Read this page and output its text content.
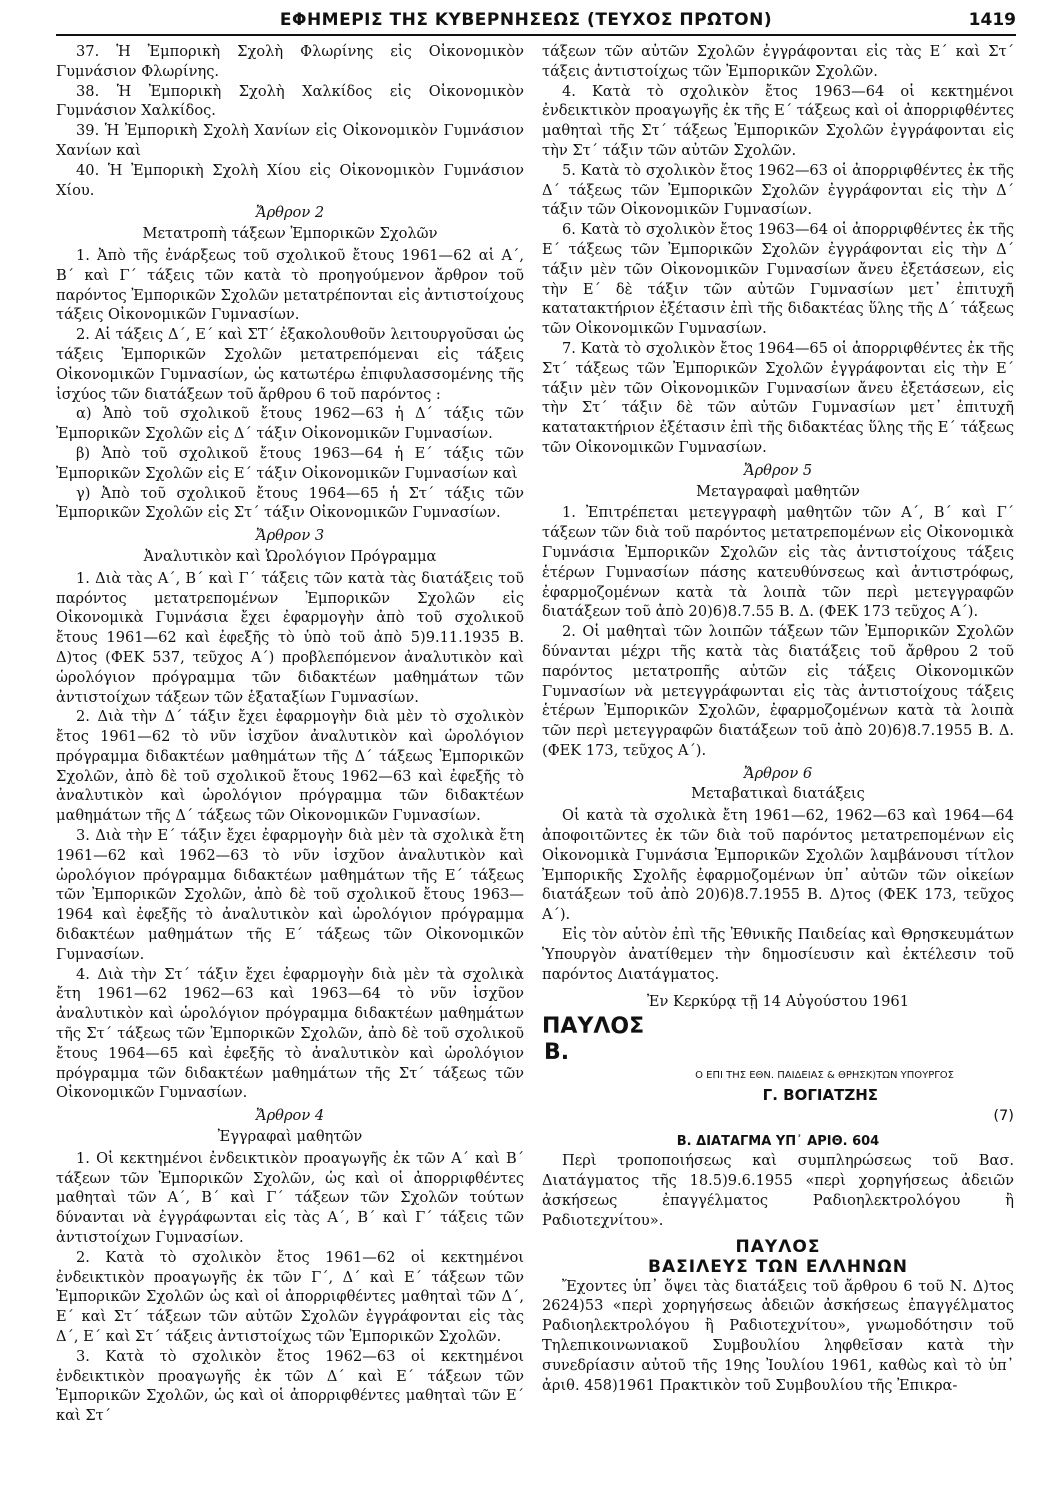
ΕΦΗΜΕΡΙΣ ΤΗΣ ΚΥΒΕΡΝΗΣΕΩΣ (ΤΕΥΧΟΣ ΠΡΩΤΟΝ)	1419

37. Ἡ Ἐμπορικὴ Σχολὴ Φλωρίνης εἰς Οἰκονομικὸν Γυμνάσιον Φλωρίνης.

38. Ἡ Ἐμπορικὴ Σχολὴ Χαλκίδος εἰς Οἰκονομικὸν Γυμνάσιον Χαλκίδος.

39. Ἡ Ἐμπορικὴ Σχολὴ Χανίων εἰς Οἰκονομικὸν Γυμνάσιον Χανίων καὶ

40. Ἡ Ἐμπορικὴ Σχολὴ Χίου εἰς Οἰκονομικὸν Γυμνάσιον Χίου.

Ἄρθρον 2

Μετατροπὴ τάξεων Ἐμπορικῶν Σχολῶν

1. Ἀπὸ τῆς ἐνάρξεως τοῦ σχολικοῦ ἔτους 1961—62 αἱ Α΄, Β΄ καὶ Γ΄ τάξεις τῶν κατὰ τὸ προηγούμενον ἄρθρον τοῦ παρόντος Ἐμπορικῶν Σχολῶν μετατρέπονται εἰς ἀντιστοίχους τάξεις Οἰκονομικῶν Γυμνασίων.

2. Αἱ τάξεις Δ΄, Ε΄ καὶ ΣΤ΄ ἐξακολουθοῦν λειτουργοῦσαι ὡς τάξεις Ἐμπορικῶν Σχολῶν μετατρεπόμεναι εἰς τάξεις Οἰκονομικῶν Γυμνασίων, ὡς κατωτέρω ἐπιφυλασσομένης τῆς ἰσχύος τῶν διατάξεων τοῦ ἄρθρου 6 τοῦ παρόντος :

α) Ἀπὸ τοῦ σχολικοῦ ἔτους 1962—63 ἡ Δ΄ τάξις τῶν Ἐμπορικῶν Σχολῶν εἰς Δ΄ τάξιν Οἰκονομικῶν Γυμνασίων.

β) Ἀπὸ τοῦ σχολικοῦ ἔτους 1963—64 ἡ Ε΄ τάξις τῶν Ἐμπορικῶν Σχολῶν εἰς Ε΄ τάξιν Οἰκονομικῶν Γυμνασίων καὶ

γ) Ἀπὸ τοῦ σχολικοῦ ἔτους 1964—65 ἡ Στ΄ τάξις τῶν Ἐμπορικῶν Σχολῶν εἰς Στ΄ τάξιν Οἰκονομικῶν Γυμνασίων.

Ἄρθρον 3

Ἀναλυτικὸν καὶ Ὡρολόγιον Πρόγραμμα

1. Διὰ τὰς Α΄, Β΄ καὶ Γ΄ τάξεις τῶν κατὰ τὰς διατάξεις τοῦ παρόντος μετατρεπομένων Ἐμπορικῶν Σχολῶν εἰς Οἰκονομικὰ Γυμνάσια ἔχει ἐφαρμογὴν ἀπὸ τοῦ σχολικοῦ ἔτους 1961—62 καὶ ἐφεξῆς τὸ ὑπὸ τοῦ ἀπὸ 5)9.11.1935 Β. Δ)τος (ΦΕΚ 537, τεῦχος Α΄) προβλεπόμενον ἀναλυτικὸν καὶ ὡρολόγιον πρόγραμμα τῶν διδακτέων μαθημάτων τῶν ἀντιστοίχων τάξεων τῶν ἑξαταξίων Γυμνασίων.

2. Διὰ τὴν Δ΄ τάξιν ἔχει ἐφαρμογὴν διὰ μὲν τὸ σχολικὸν ἔτος 1961—62 τὸ νῦν ἰσχῦον ἀναλυτικὸν καὶ ὡρολόγιον πρόγραμμα διδακτέων μαθημάτων τῆς Δ΄ τάξεως Ἐμπορικῶν Σχολῶν, ἀπὸ δὲ τοῦ σχολικοῦ ἔτους 1962—63 καὶ ἐφεξῆς τὸ ἀναλυτικὸν καὶ ὡρολόγιον πρόγραμμα τῶν διδακτέων μαθημάτων τῆς Δ΄ τάξεως τῶν Οἰκονομικῶν Γυμνασίων.

3. Διὰ τὴν Ε΄ τάξιν ἔχει ἐφαρμογὴν διὰ μὲν τὰ σχολικὰ ἔτη 1961—62 καὶ 1962—63 τὸ νῦν ἰσχῦον ἀναλυτικὸν καὶ ὡρολόγιον πρόγραμμα διδακτέων μαθημάτων τῆς Ε΄ τάξεως τῶν Ἐμπορικῶν Σχολῶν, ἀπὸ δὲ τοῦ σχολικοῦ ἔτους 1963—1964 καὶ ἐφεξῆς τὸ ἀναλυτικὸν καὶ ὡρολόγιον πρόγραμμα διδακτέων μαθημάτων τῆς Ε΄ τάξεως τῶν Οἰκονομικῶν Γυμνασίων.

4. Διὰ τὴν Στ΄ τάξιν ἔχει ἐφαρμογὴν διὰ μὲν τὰ σχολικὰ ἔτη 1961—62 1962—63 καὶ 1963—64 τὸ νῦν ἰσχῦον ἀναλυτικὸν καὶ ὡρολόγιον πρόγραμμα διδακτέων μαθημάτων τῆς Στ΄ τάξεως τῶν Ἐμπορικῶν Σχολῶν, ἀπὸ δὲ τοῦ σχολικοῦ ἔτους 1964—65 καὶ ἐφεξῆς τὸ ἀναλυτικὸν καὶ ὡρολόγιον πρόγραμμα τῶν διδακτέων μαθημάτων τῆς Στ΄ τάξεως τῶν Οἰκονομικῶν Γυμνασίων.

Ἄρθρον 4

Ἐγγραφαὶ μαθητῶν

1. Οἱ κεκτημένοι ἐνδεικτικὸν προαγωγῆς ἐκ τῶν Α΄ καὶ Β΄ τάξεων τῶν Ἐμπορικῶν Σχολῶν, ὡς καὶ οἱ ἀπορριφθέντες μαθηταὶ τῶν Α΄, Β΄ καὶ Γ΄ τάξεων τῶν Σχολῶν τούτων δύνανται νὰ ἐγγράφωνται εἰς τὰς Α΄, Β΄ καὶ Γ΄ τάξεις τῶν ἀντιστοίχων Γυμνασίων.

2. Κατὰ τὸ σχολικὸν ἔτος 1961—62 οἱ κεκτημένοι ἐνδεικτικὸν προαγωγῆς ἐκ τῶν Γ΄, Δ΄ καὶ Ε΄ τάξεων τῶν Ἐμπορικῶν Σχολῶν ὡς καὶ οἱ ἀπορριφθέντες μαθηταὶ τῶν Δ΄, Ε΄ καὶ Στ΄ τάξεων τῶν αὐτῶν Σχολῶν ἐγγράφονται εἰς τὰς Δ΄, Ε΄ καὶ Στ΄ τάξεις ἀντιστοίχως τῶν Ἐμπορικῶν Σχολῶν.

3. Κατὰ τὸ σχολικὸν ἔτος 1962—63 οἱ κεκτημένοι ἐνδεικτικὸν προαγωγῆς ἐκ τῶν Δ΄ καὶ Ε΄ τάξεων τῶν Ἐμπορικῶν Σχολῶν, ὡς καὶ οἱ ἀπορριφθέντες μαθηταὶ τῶν Ε΄ καὶ Στ΄

τάξεων τῶν αὐτῶν Σχολῶν ἐγγράφονται εἰς τὰς Ε΄ καὶ Στ΄ τάξεις ἀντιστοίχως τῶν Ἐμπορικῶν Σχολῶν.

4. Κατὰ τὸ σχολικὸν ἔτος 1963—64 οἱ κεκτημένοι ἐνδεικτικὸν προαγωγῆς ἐκ τῆς Ε΄ τάξεως καὶ οἱ ἀπορριφθέντες μαθηταὶ τῆς Στ΄ τάξεως Ἐμπορικῶν Σχολῶν ἐγγράφονται εἰς τὴν Στ΄ τάξιν τῶν αὐτῶν Σχολῶν.

5. Κατὰ τὸ σχολικὸν ἔτος 1962—63 οἱ ἀπορριφθέντες ἐκ τῆς Δ΄ τάξεως τῶν Ἐμπορικῶν Σχολῶν ἐγγράφονται εἰς τὴν Δ΄ τάξιν τῶν Οἰκονομικῶν Γυμνασίων.

6. Κατὰ τὸ σχολικὸν ἔτος 1963—64 οἱ ἀπορριφθέντες ἐκ τῆς Ε΄ τάξεως τῶν Ἐμπορικῶν Σχολῶν ἐγγράφονται εἰς τὴν Δ΄ τάξιν μὲν τῶν Οἰκονομικῶν Γυμνασίων ἄνευ ἐξετάσεων, εἰς τὴν Ε΄ δὲ τάξιν τῶν αὐτῶν Γυμνασίων μετ᾽ ἐπιτυχῆ κατατακτήριον ἐξέτασιν ἐπὶ τῆς διδακτέας ὕλης τῆς Δ΄ τάξεως τῶν Οἰκονομικῶν Γυμνασίων.

7. Κατὰ τὸ σχολικὸν ἔτος 1964—65 οἱ ἀπορριφθέντες ἐκ τῆς Στ΄ τάξεως τῶν Ἐμπορικῶν Σχολῶν ἐγγράφονται εἰς τὴν Ε΄ τάξιν μὲν τῶν Οἰκονομικῶν Γυμνασίων ἄνευ ἐξετάσεων, εἰς τὴν Στ΄ τάξιν δὲ τῶν αὐτῶν Γυμνασίων μετ᾽ ἐπιτυχῆ κατατακτήριον ἐξέτασιν ἐπὶ τῆς διδακτέας ὕλης τῆς Ε΄ τάξεως τῶν Οἰκονομικῶν Γυμνασίων.

Ἄρθρον 5

Μεταγραφαὶ μαθητῶν

1. Ἐπιτρέπεται μετεγγραφὴ μαθητῶν τῶν Α΄, Β΄ καὶ Γ΄ τάξεων τῶν διὰ τοῦ παρόντος μετατρεπομένων εἰς Οἰκονομικὰ Γυμνάσια Ἐμπορικῶν Σχολῶν εἰς τὰς ἀντιστοίχους τάξεις ἑτέρων Γυμνασίων πάσης κατευθύνσεως καὶ ἀντιστρόφως, ἐφαρμοζομένων κατὰ τὰ λοιπὰ τῶν περὶ μετεγγραφῶν διατάξεων τοῦ ἀπὸ 20)6)8.7.55 Β. Δ. (ΦΕΚ 173 τεῦχος Α΄).

2. Οἱ μαθηταὶ τῶν λοιπῶν τάξεων τῶν Ἐμπορικῶν Σχολῶν δύνανται μέχρι τῆς κατὰ τὰς διατάξεις τοῦ ἄρθρου 2 τοῦ παρόντος μετατροπῆς αὐτῶν εἰς τάξεις Οἰκονομικῶν Γυμνασίων νὰ μετεγγράφωνται εἰς τὰς ἀντιστοίχους τάξεις ἑτέρων Ἐμπορικῶν Σχολῶν, ἐφαρμοζομένων κατὰ τὰ λοιπὰ τῶν περὶ μετεγγραφῶν διατάξεων τοῦ ἀπὸ 20)6)8.7.1955 Β. Δ. (ΦΕΚ 173, τεῦχος Α΄).

Ἄρθρον 6

Μεταβατικαὶ διατάξεις

Οἱ κατὰ τὰ σχολικὰ ἔτη 1961—62, 1962—63 καὶ 1964—64 ἀποφοιτῶντες ἐκ τῶν διὰ τοῦ παρόντος μετατρεπομένων εἰς Οἰκονομικὰ Γυμνάσια Ἐμπορικῶν Σχολῶν λαμβάνουσι τίτλον Ἐμπορικῆς Σχολῆς ἐφαρμοζομένων ὑπ᾽ αὐτῶν τῶν οἰκείων διατάξεων τοῦ ἀπὸ 20)6)8.7.1955 Β. Δ)τος (ΦΕΚ 173, τεῦχος Α΄).

Εἰς τὸν αὐτὸν ἐπὶ τῆς Ἐθνικῆς Παιδείας καὶ Θρησκευμάτων Ὑπουργὸν ἀνατίθεμεν τὴν δημοσίευσιν καὶ ἐκτέλεσιν τοῦ παρόντος Διατάγματος.

Ἐν Κερκύρᾳ τῇ 14 Αὐγούστου 1961

ΠΑΥΛΟΣ

Β.

Ο ΕΠΙ ΤΗΣ ΕΘΝ. ΠΑΙΔΕΙΑΣ & ΘΡΗΣΚ)ΤΩΝ ΥΠΟΥΡΓΟΣ

Γ. ΒΟΓΙΑΤΖΗΣ

(7)

Β. ΔΙΑΤΑΓΜΑ ΥΠ᾽ ΑΡΙΘ. 604

Περὶ τροποποιήσεως καὶ συμπληρώσεως τοῦ Βασ. Διατάγματος τῆς 18.5)9.6.1955 «περὶ χορηγήσεως ἀδειῶν ἀσκήσεως ἐπαγγέλματος Ραδιοηλεκτρολόγου ἢ Ραδιοτεχνίτου».

ΠΑΥΛΟΣ

ΒΑΣΙΛΕΥΣ ΤΩΝ ΕΛΛΗΝΩΝ

Ἔχοντες ὑπ᾽ ὄψει τὰς διατάξεις τοῦ ἄρθρου 6 τοῦ Ν. Δ)τος 2624)53 «περὶ χορηγήσεως ἀδειῶν ἀσκήσεως ἐπαγγέλματος Ραδιοηλεκτρολόγου ἢ Ραδιοτεχνίτου», γνωμοδότησιν τοῦ Τηλεπικοινωνιακοῦ Συμβουλίου ληφθεῖσαν κατὰ τὴν συνεδρίασιν αὐτοῦ τῆς 19ης Ἰουλίου 1961, καθὼς καὶ τὸ ὑπ᾽ ἀριθ. 458)1961 Πρακτικὸν τοῦ Συμβουλίου τῆς Ἐπικρα-
